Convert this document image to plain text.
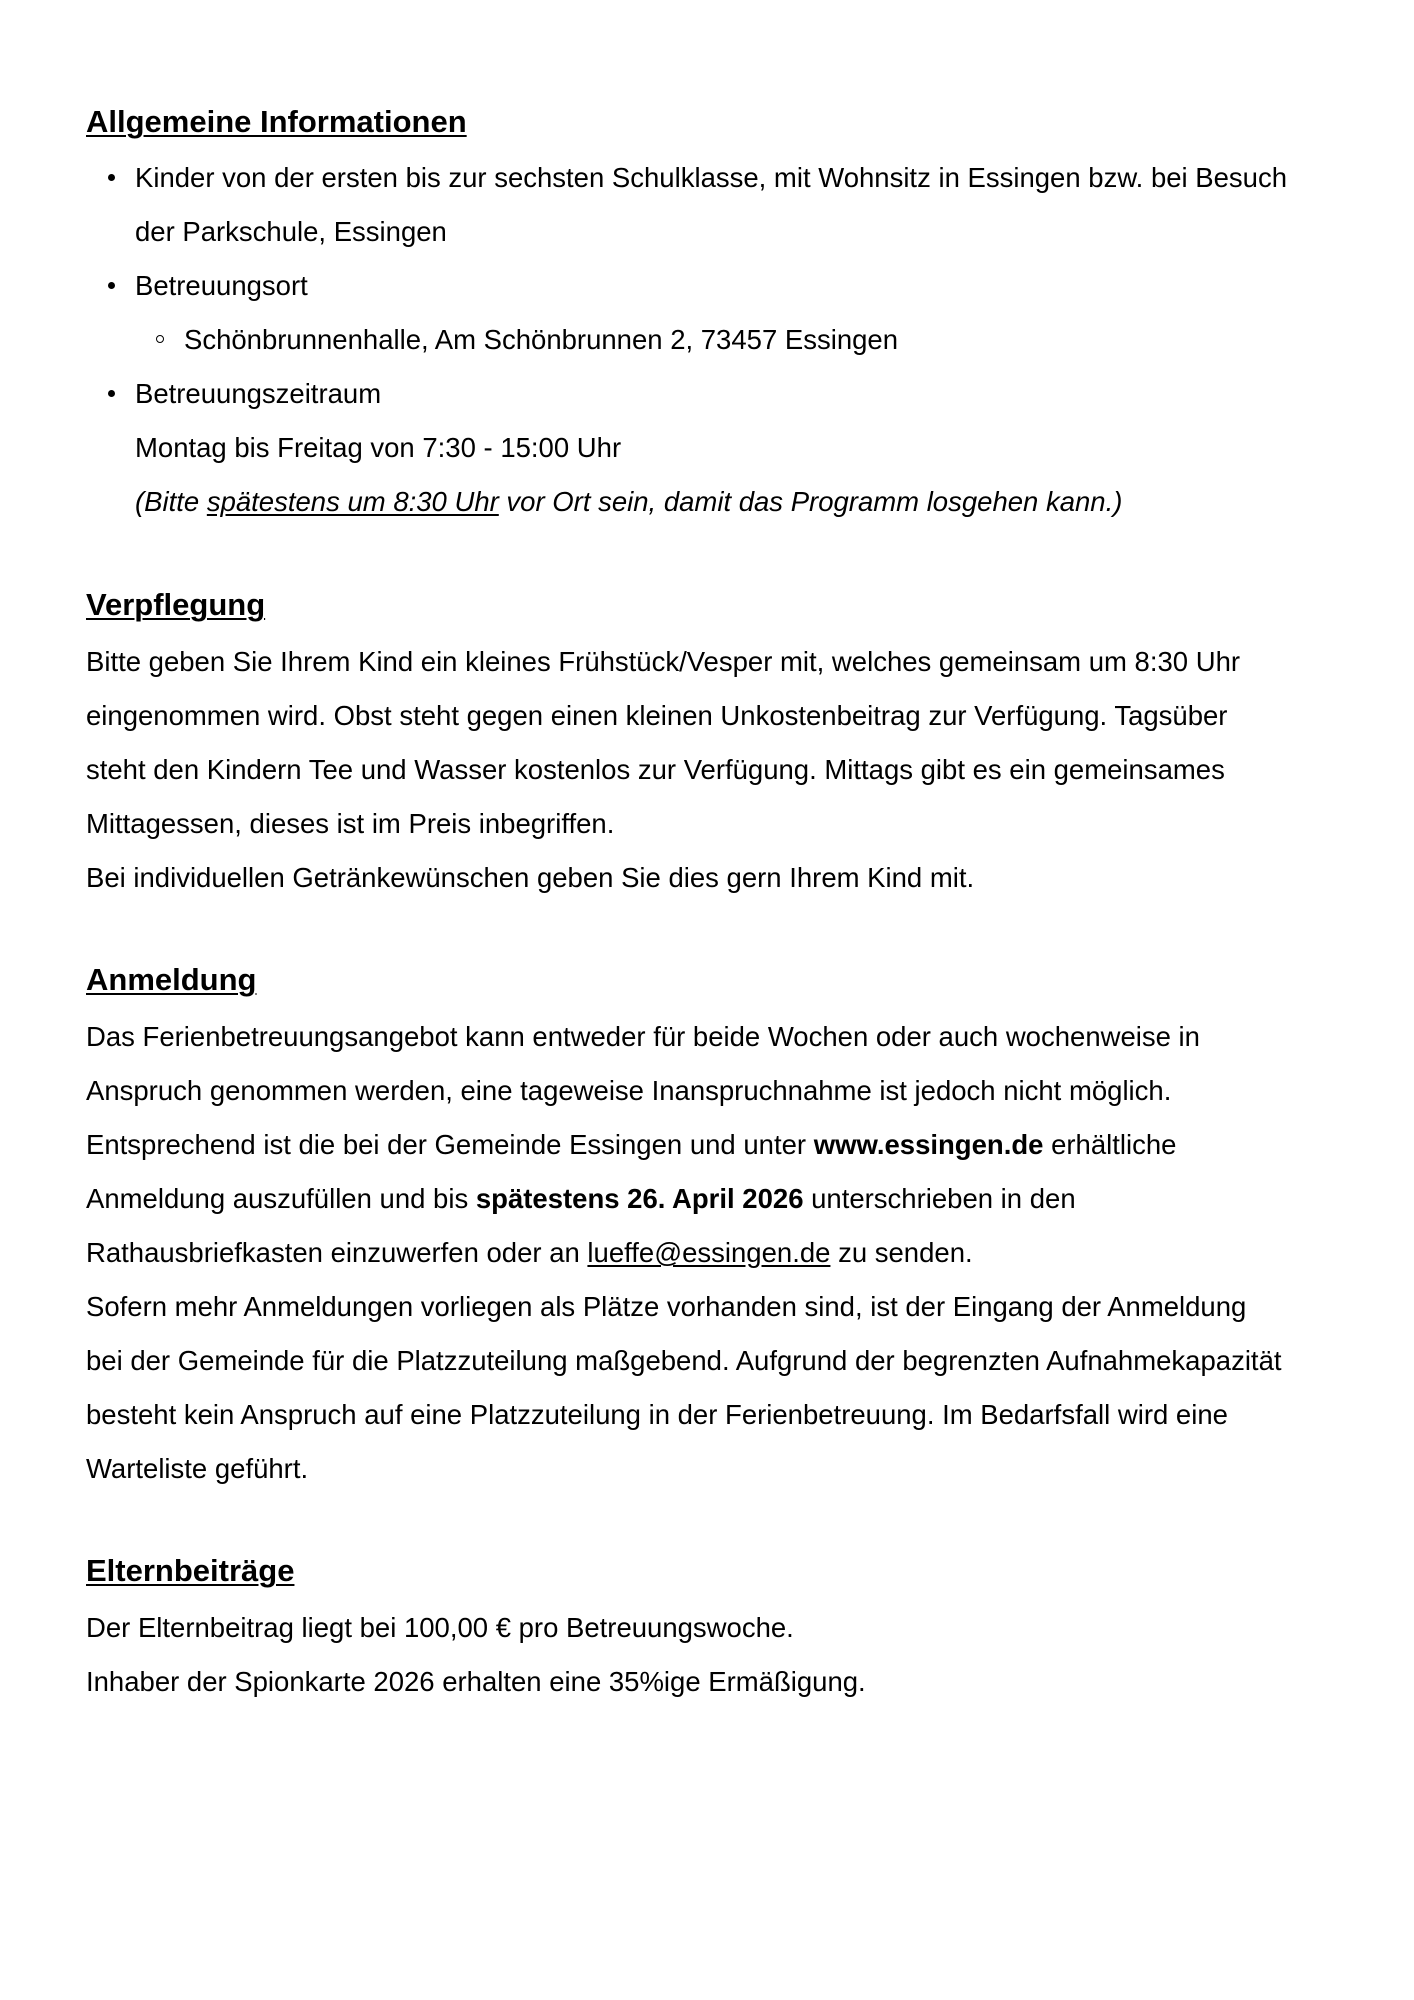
Allgemeine Informationen
Kinder von der ersten bis zur sechsten Schulklasse, mit Wohnsitz in Essingen bzw. bei Besuch
der Parkschule, Essingen
Betreuungsort
Schönbrunnenhalle, Am Schönbrunnen 2, 73457 Essingen
Betreuungszeitraum
Montag bis Freitag von 7:30 - 15:00 Uhr
(Bitte spätestens um 8:30 Uhr vor Ort sein, damit das Programm losgehen kann.)
Verpflegung
Bitte geben Sie Ihrem Kind ein kleines Frühstück/Vesper mit, welches gemeinsam um 8:30 Uhr
eingenommen wird. Obst steht gegen einen kleinen Unkostenbeitrag zur Verfügung. Tagsüber
steht den Kindern Tee und Wasser kostenlos zur Verfügung. Mittags gibt es ein gemeinsames
Mittagessen, dieses ist im Preis inbegriffen.
Bei individuellen Getränkewünschen geben Sie dies gern Ihrem Kind mit.
Anmeldung
Das Ferienbetreuungsangebot kann entweder für beide Wochen oder auch wochenweise in
Anspruch genommen werden, eine tageweise Inanspruchnahme ist jedoch nicht möglich.
Entsprechend ist die bei der Gemeinde Essingen und unter www.essingen.de erhältliche
Anmeldung auszufüllen und bis spätestens 26. April 2026 unterschrieben in den
Rathausbriefkasten einzuwerfen oder an lueffe@essingen.de zu senden.
Sofern mehr Anmeldungen vorliegen als Plätze vorhanden sind, ist der Eingang der Anmeldung
bei der Gemeinde für die Platzzuteilung maßgebend. Aufgrund der begrenzten Aufnahmekapazität
besteht kein Anspruch auf eine Platzzuteilung in der Ferienbetreuung. Im Bedarfsfall wird eine
Warteliste geführt.
Elternbeiträge
Der Elternbeitrag liegt bei 100,00 € pro Betreuungswoche.
Inhaber der Spionkarte 2026 erhalten eine 35%ige Ermäßigung.
